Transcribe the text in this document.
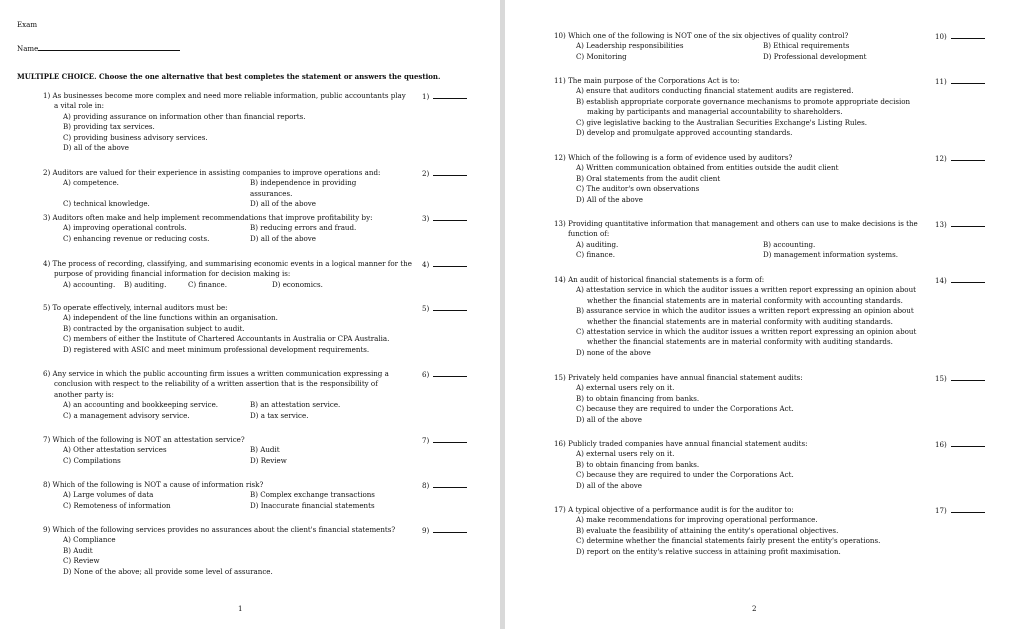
Exam
Name
MULTIPLE CHOICE. Choose the one alternative that best completes the statement or answers the question.
1) As businesses become more complex and need more reliable information, public accountants play a vital role in:
A) providing assurance on information other than financial reports.
B) providing tax services.
C) providing business advisory services.
D) all of the above
1)
2) Auditors are valued for their experience in assisting companies to improve operations and:
A) competence.	B) independence in providing assurances.
C) technical knowledge.	D) all of the above
2)
3) Auditors often make and help implement recommendations that improve profitability by:
A) improving operational controls.	B) reducing errors and fraud.
C) enhancing revenue or reducing costs.	D) all of the above
3)
4) The process of recording, classifying, and summarising economic events in a logical manner for the purpose of providing financial information for decision making is:
A) accounting.	B) auditing.	C) finance.	D) economics.
4)
5) To operate effectively, internal auditors must be:
A) independent of the line functions within an organisation.
B) contracted by the organisation subject to audit.
C) members of either the Institute of Chartered Accountants in Australia or CPA Australia.
D) registered with ASIC and meet minimum professional development requirements.
5)
6) Any service in which the public accounting firm issues a written communication expressing a conclusion with respect to the reliability of a written assertion that is the responsibility of another party is:
A) an accounting and bookkeeping service.	B) an attestation service.
C) a management advisory service.	D) a tax service.
6)
7) Which of the following is NOT an attestation service?
A) Other attestation services	B) Audit
C) Compilations	D) Review
7)
8) Which of the following is NOT a cause of information risk?
A) Large volumes of data	B) Complex exchange transactions
C) Remoteness of information	D) Inaccurate financial statements
8)
9) Which of the following services provides no assurances about the client's financial statements?
A) Compliance
B) Audit
C) Review
D) None of the above; all provide some level of assurance.
9)
1
10) Which one of the following is NOT one of the six objectives of quality control?
A) Leadership responsibilities	B) Ethical requirements
C) Monitoring	D) Professional development
10)
11) The main purpose of the Corporations Act is to:
A) ensure that auditors conducting financial statement audits are registered.
B) establish appropriate corporate governance mechanisms to promote appropriate decision making by participants and managerial accountability to shareholders.
C) give legislative backing to the Australian Securities Exchange's Listing Rules.
D) develop and promulgate approved accounting standards.
11)
12) Which of the following is a form of evidence used by auditors?
A) Written communication obtained from entities outside the audit client
B) Oral statements from the audit client
C) The auditor's own observations
D) All of the above
12)
13) Providing quantitative information that management and others can use to make decisions is the function of:
A) auditing.	B) accounting.
C) finance.	D) management information systems.
13)
14) An audit of historical financial statements is a form of:
A) attestation service in which the auditor issues a written report expressing an opinion about whether the financial statements are in material conformity with accounting standards.
B) assurance service in which the auditor issues a written report expressing an opinion about whether the financial statements are in material conformity with auditing standards.
C) attestation service in which the auditor issues a written report expressing an opinion about whether the financial statements are in material conformity with auditing standards.
D) none of the above
14)
15) Privately held companies have annual financial statement audits:
A) external users rely on it.
B) to obtain financing from banks.
C) because they are required to under the Corporations Act.
D) all of the above
15)
16) Publicly traded companies have annual financial statement audits:
A) external users rely on it.
B) to obtain financing from banks.
C) because they are required to under the Corporations Act.
D) all of the above
16)
17) A typical objective of a performance audit is for the auditor to:
A) make recommendations for improving operational performance.
B) evaluate the feasibility of attaining the entity's operational objectives.
C) determine whether the financial statements fairly present the entity's operations.
D) report on the entity's relative success in attaining profit maximisation.
17)
2
